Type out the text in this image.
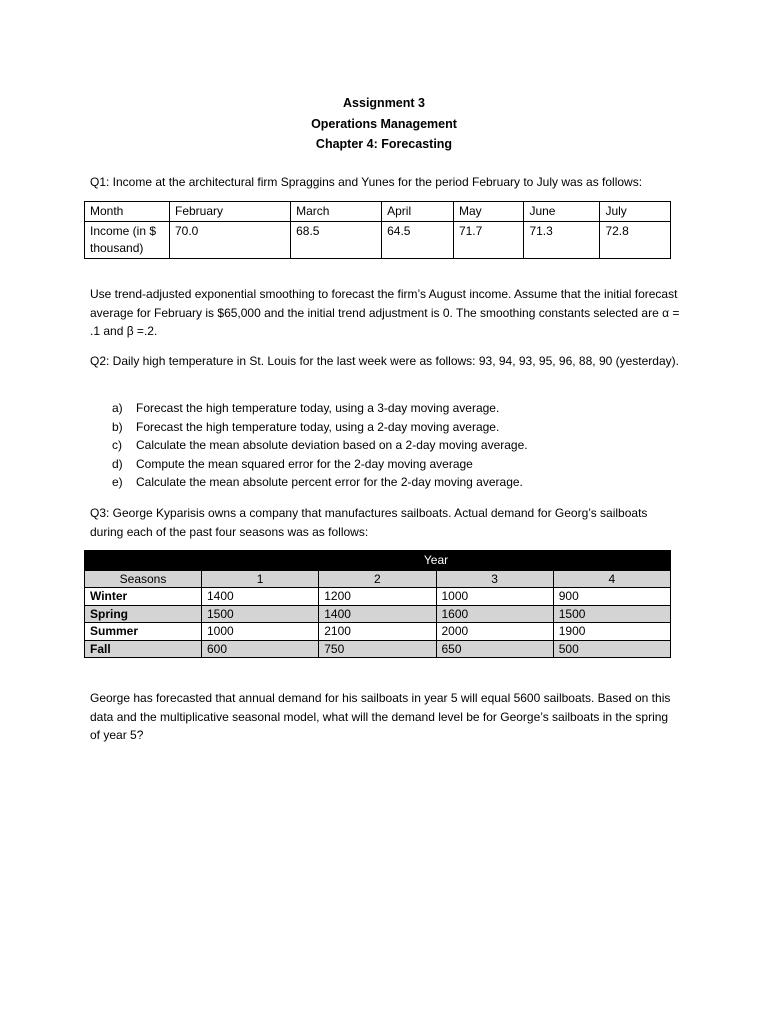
Assignment 3
Operations Management
Chapter 4: Forecasting

Q1: Income at the architectural firm Spraggins and Yunes for the period February to July was as follows:

Month	February	March	April	May	June	July
Income (in $ thousand)	70.0	68.5	64.5	71.7	71.3	72.8

Use trend-adjusted exponential smoothing to forecast the firm’s August income. Assume that the initial forecast average for February is $65,000 and the initial trend adjustment is 0. The smoothing constants selected are α = .1 and β =.2.

Q2: Daily high temperature in St. Louis for the last week were as follows: 93, 94, 93, 95, 96, 88, 90 (yesterday).

a) Forecast the high temperature today, using a 3-day moving average.
b) Forecast the high temperature today, using a 2-day moving average.
c) Calculate the mean absolute deviation based on a 2-day moving average.
d) Compute the mean squared error for the 2-day moving average
e) Calculate the mean absolute percent error for the 2-day moving average.

Q3: George Kyparisis owns a company that manufactures sailboats. Actual demand for Georg’s sailboats during each of the past four seasons was as follows:

	Year			
Seasons	1	2	3	4
Winter	1400	1200	1000	900
Spring	1500	1400	1600	1500
Summer	1000	2100	2000	1900
Fall	600	750	650	500

George has forecasted that annual demand for his sailboats in year 5 will equal 5600 sailboats. Based on this data and the multiplicative seasonal model, what will the demand level be for George’s sailboats in the spring of year 5?
